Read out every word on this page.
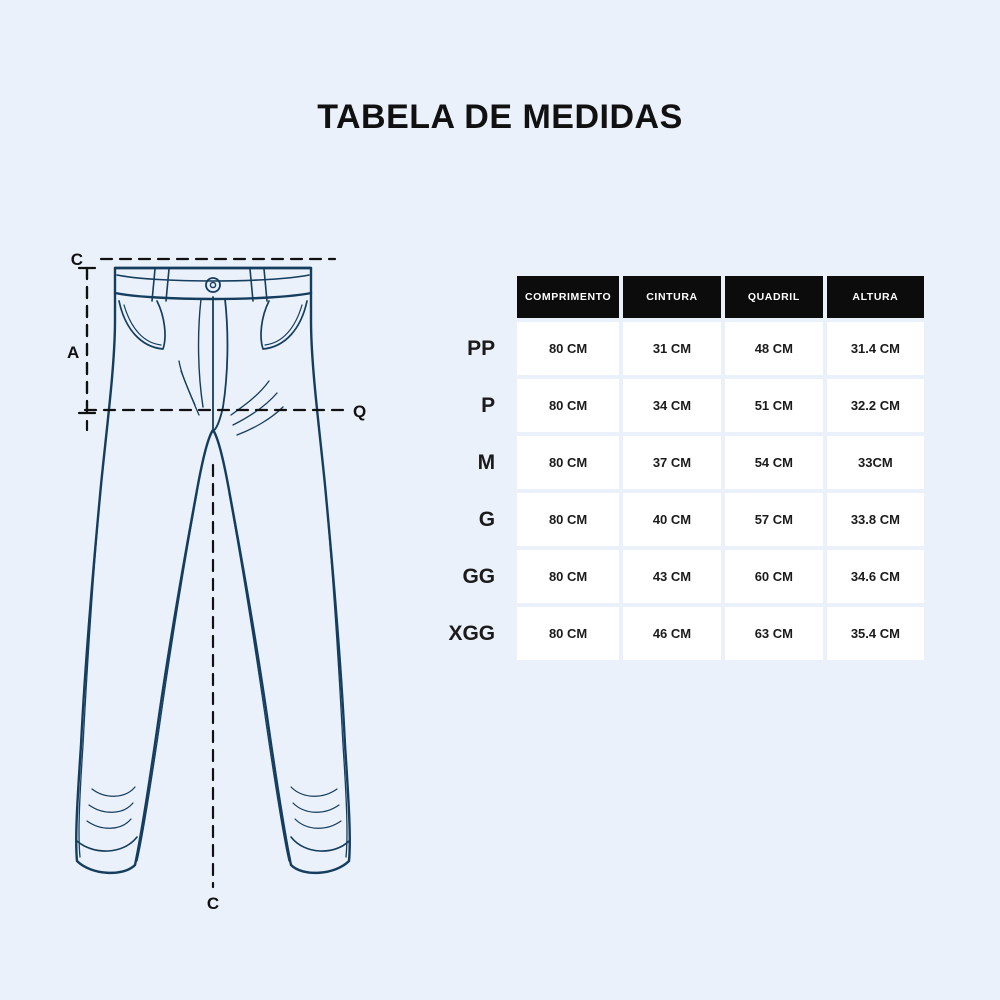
TABELA DE MEDIDAS
C
A
Q
C
	COMPRIMENTO	CINTURA	QUADRIL	ALTURA
PP	80 CM	31 CM	48 CM	31.4 CM
P	80 CM	34 CM	51 CM	32.2 CM
M	80 CM	37 CM	54 CM	33CM
G	80 CM	40 CM	57 CM	33.8 CM
GG	80 CM	43 CM	60 CM	34.6 CM
XGG	80 CM	46 CM	63 CM	35.4 CM
